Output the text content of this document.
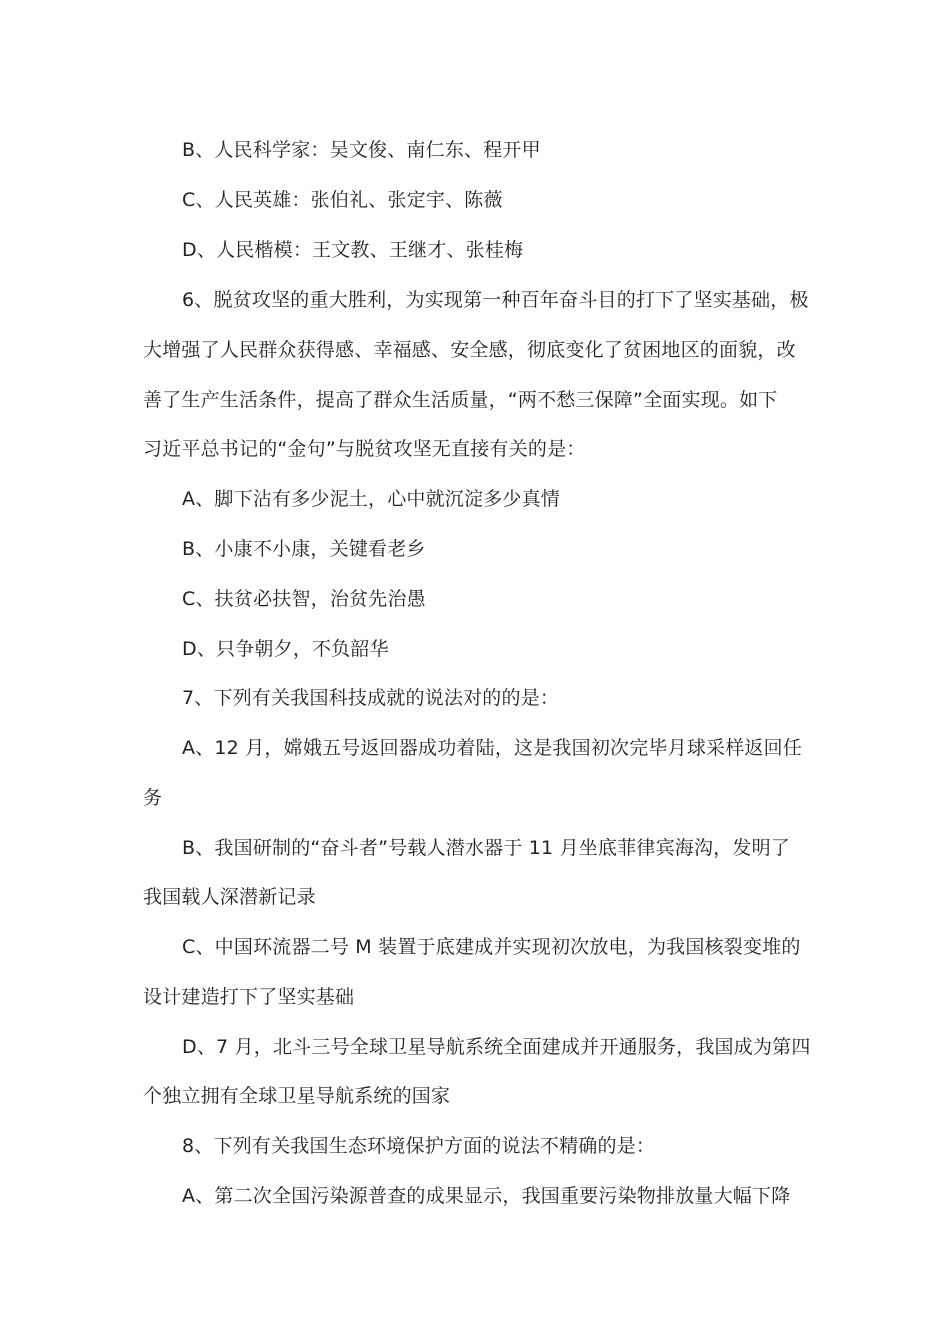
B、人民科学家：吴文俊、南仁东、程开甲
C、人民英雄：张伯礼、张定宇、陈薇
D、人民楷模：王文教、王继才、张桂梅
6、脱贫攻坚的重大胜利，为实现第一种百年奋斗目的打下了坚实基础，极
大增强了人民群众获得感、幸福感、安全感，彻底变化了贫困地区的面貌，改
善了生产生活条件，提高了群众生活质量，“两不愁三保障”全面实现。如下
习近平总书记的“金句”与脱贫攻坚无直接有关的是：
A、脚下沾有多少泥土，心中就沉淀多少真情
B、小康不小康，关键看老乡
C、扶贫必扶智，治贫先治愚
D、只争朝夕，不负韶华
7、下列有关我国科技成就的说法对的的是：
A、12 月，嫦娥五号返回器成功着陆，这是我国初次完毕月球采样返回任
务
B、我国研制的“奋斗者”号载人潜水器于 11 月坐底菲律宾海沟，发明了
我国载人深潜新记录
C、中国环流器二号 M 装置于底建成并实现初次放电，为我国核裂变堆的
设计建造打下了坚实基础
D、7 月，北斗三号全球卫星导航系统全面建成并开通服务，我国成为第四
个独立拥有全球卫星导航系统的国家
8、下列有关我国生态环境保护方面的说法不精确的是：
A、第二次全国污染源普查的成果显示，我国重要污染物排放量大幅下降
